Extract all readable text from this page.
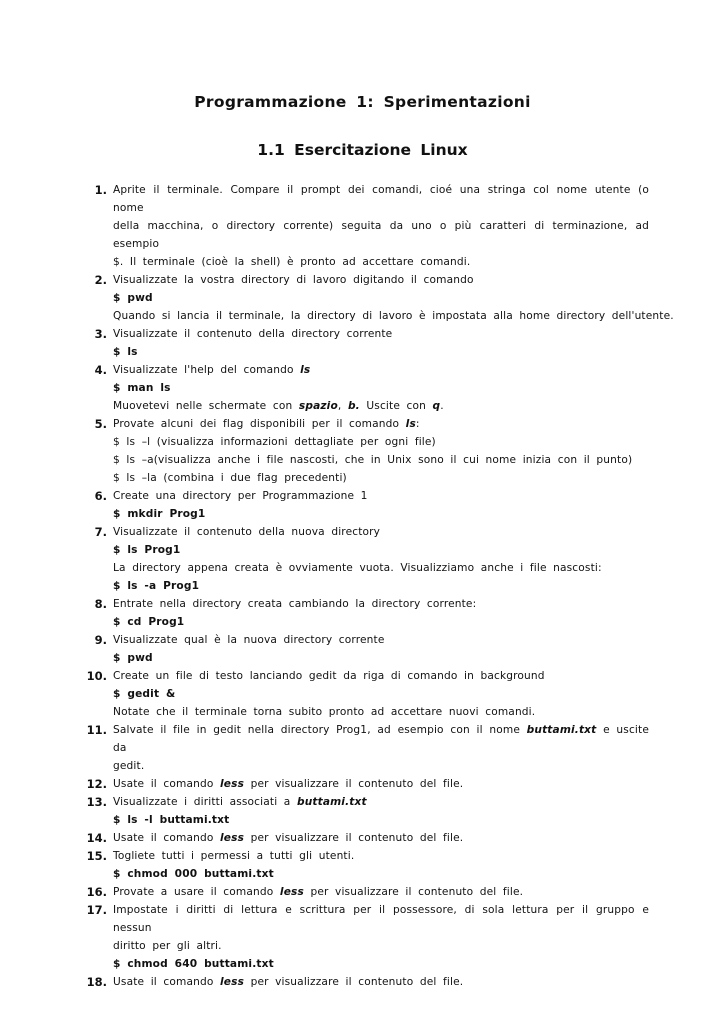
Programmazione 1: Sperimentazioni
1.1 Esercitazione Linux
1. Aprite il terminale. Compare il prompt dei comandi, cioé una stringa col nome utente (o nome
della macchina, o directory corrente) seguita da uno o più caratteri di terminazione, ad esempio
$. Il terminale (cioè la shell) è pronto ad accettare comandi.
2. Visualizzate la vostra directory di lavoro digitando il comando
$ pwd
Quando si lancia il terminale, la directory di lavoro è impostata alla home directory dell'utente.
3. Visualizzate il contenuto della directory corrente
$ ls
4. Visualizzate l'help del comando ls
$ man ls
Muovetevi nelle schermate con spazio, b. Uscite con q.
5. Provate alcuni dei flag disponibili per il comando ls:
$ ls –l (visualizza informazioni dettagliate per ogni file)
$ ls –a(visualizza anche i file nascosti, che in Unix sono il cui nome inizia con il punto)
$ ls –la (combina i due flag precedenti)
6. Create una directory per Programmazione 1
$ mkdir Prog1
7. Visualizzate il contenuto della nuova directory
$ ls Prog1
La directory appena creata è ovviamente vuota. Visualizziamo anche i file nascosti:
$ ls -a Prog1
8. Entrate nella directory creata cambiando la directory corrente:
$ cd Prog1
9. Visualizzate qual è la nuova directory corrente
$ pwd
10. Create un file di testo lanciando gedit da riga di comando in background
$ gedit &
Notate che il terminale torna subito pronto ad accettare nuovi comandi.
11. Salvate il file in gedit nella directory Prog1, ad esempio con il nome buttami.txt e uscite da
gedit.
12. Usate il comando less per visualizzare il contenuto del file.
13. Visualizzate i diritti associati a buttami.txt
$ ls -l buttami.txt
14. Usate il comando less per visualizzare il contenuto del file.
15. Togliete tutti i permessi a tutti gli utenti.
$ chmod 000 buttami.txt
16. Provate a usare il comando less per visualizzare il contenuto del file.
17. Impostate i diritti di lettura e scrittura per il possessore, di sola lettura per il gruppo e nessun
diritto per gli altri.
$ chmod 640 buttami.txt
18. Usate il comando less per visualizzare il contenuto del file.
